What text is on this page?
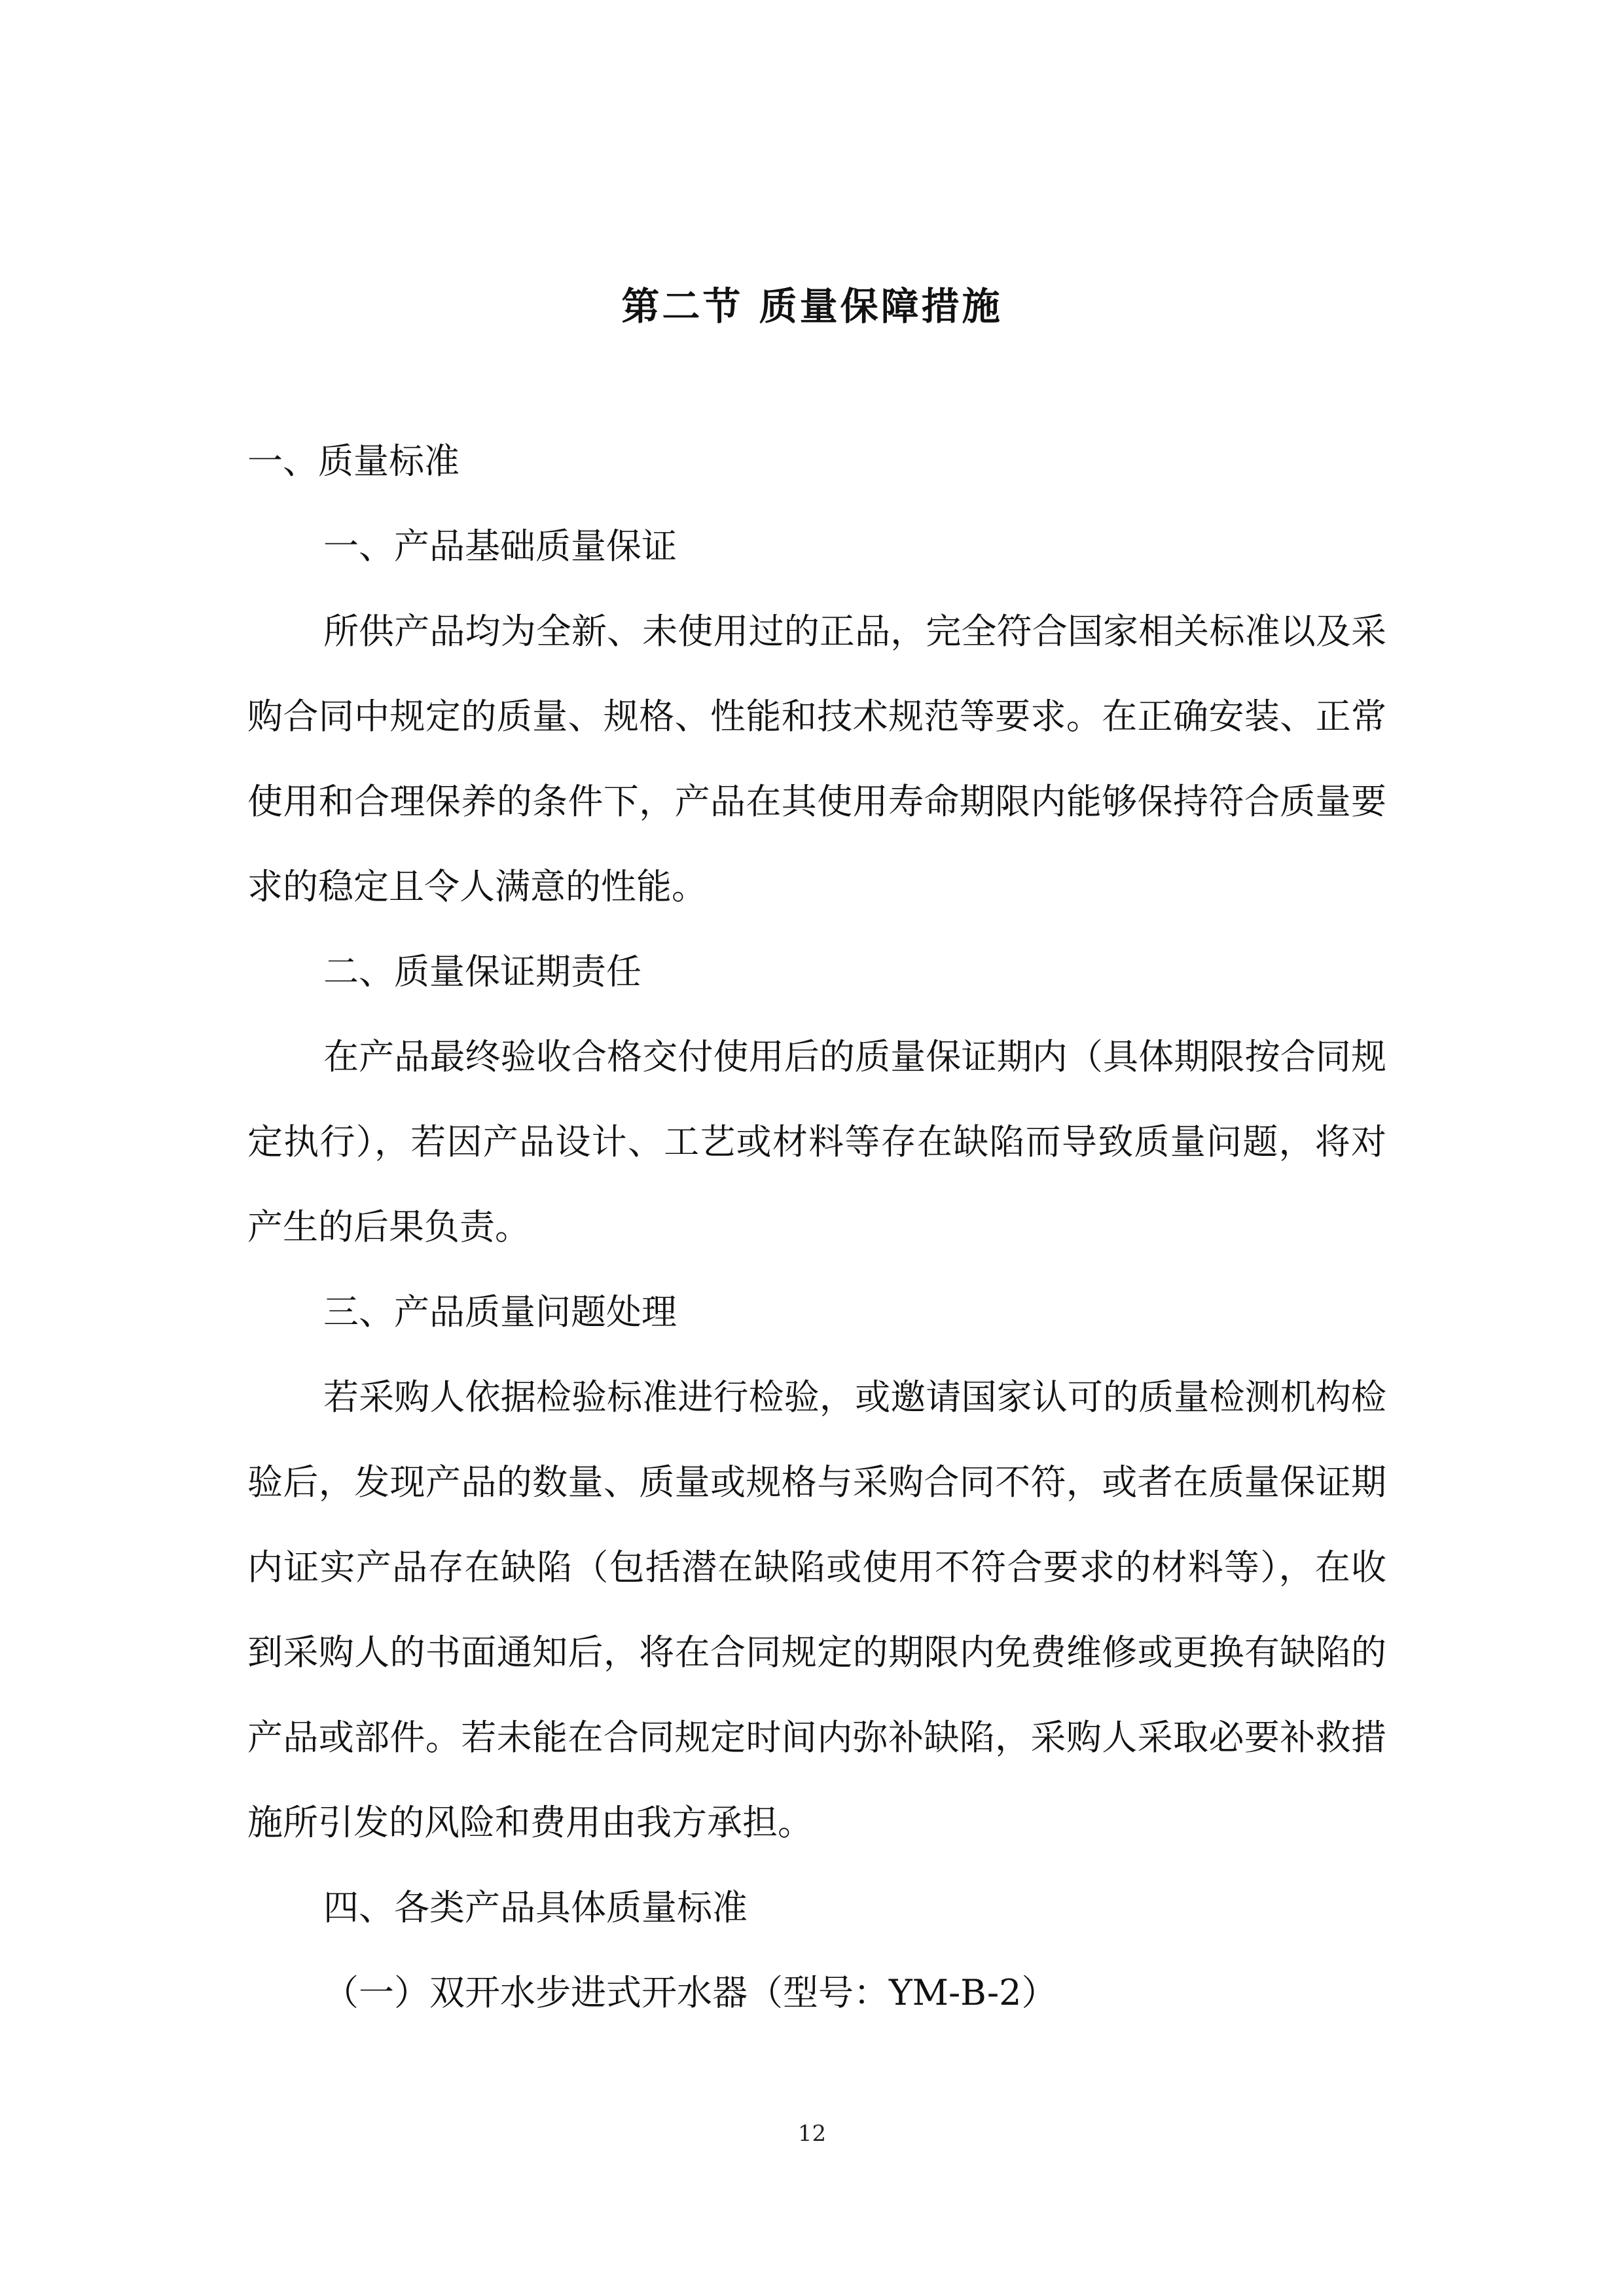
第二节 质量保障措施

一、质量标准

一、产品基础质量保证

所供产品均为全新、未使用过的正品，完全符合国家相关标准以及采购合同中规定的质量、规格、性能和技术规范等要求。在正确安装、正常使用和合理保养的条件下，产品在其使用寿命期限内能够保持符合质量要求的稳定且令人满意的性能。

二、质量保证期责任

在产品最终验收合格交付使用后的质量保证期内（具体期限按合同规定执行），若因产品设计、工艺或材料等存在缺陷而导致质量问题，将对产生的后果负责。

三、产品质量问题处理

若采购人依据检验标准进行检验，或邀请国家认可的质量检测机构检验后，发现产品的数量、质量或规格与采购合同不符，或者在质量保证期内证实产品存在缺陷（包括潜在缺陷或使用不符合要求的材料等），在收到采购人的书面通知后，将在合同规定的期限内免费维修或更换有缺陷的产品或部件。若未能在合同规定时间内弥补缺陷，采购人采取必要补救措施所引发的风险和费用由我方承担。

四、各类产品具体质量标准

（一）双开水步进式开水器（型号：YM-B-2）

12
